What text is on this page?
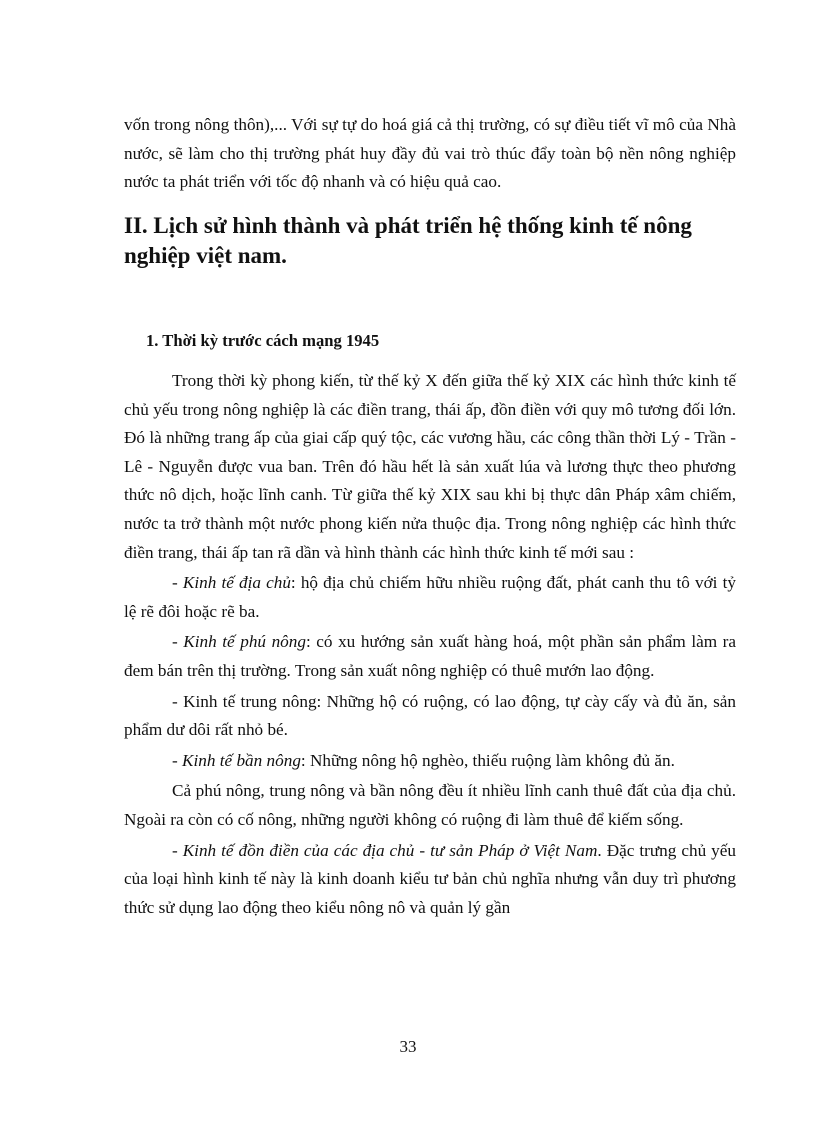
vốn trong nông thôn),... Với sự tự do hoá giá cả thị trường, có sự điều tiết vĩ mô của Nhà nước, sẽ làm cho thị trường phát huy đầy đủ vai trò thúc đẩy toàn bộ nền nông nghiệp nước ta phát triển với tốc độ nhanh và có hiệu quả cao.

II. Lịch sử hình thành và phát triển hệ thống kinh tế nông nghiệp việt nam.
1. Thời kỳ trước cách mạng 1945

Trong thời kỳ phong kiến, từ thế kỷ X đến giữa thế kỷ XIX các hình thức kinh tế chủ yếu trong nông nghiệp là các điền trang, thái ấp, đồn điền với quy mô tương đối lớn. Đó là những trang ấp của giai cấp quý tộc, các vương hầu, các công thần thời Lý - Trần - Lê - Nguyễn được vua ban. Trên đó hầu hết là sản xuất lúa và lương thực theo phương thức nô dịch, hoặc lĩnh canh. Từ giữa thế kỷ XIX sau khi bị thực dân Pháp xâm chiếm, nước ta trở thành một nước phong kiến nửa thuộc địa. Trong nông nghiệp các hình thức điền trang, thái ấp tan rã dần và hình thành các hình thức kinh tế mới sau :

- Kinh tế địa chủ: hộ địa chủ chiếm hữu nhiều ruộng đất, phát canh thu tô với tỷ lệ rẽ đôi hoặc rẽ ba.

- Kinh tế phú nông: có xu hướng sản xuất hàng hoá, một phần sản phẩm làm ra đem bán trên thị trường. Trong sản xuất nông nghiệp có thuê mướn lao động.

- Kinh tế trung nông: Những hộ có ruộng, có lao động, tự cày cấy và đủ ăn, sản phẩm dư dôi rất nhỏ bé.

- Kinh tế bần nông: Những nông hộ nghèo, thiếu ruộng làm không đủ ăn.

Cả phú nông, trung nông và bần nông đều ít nhiều lĩnh canh thuê đất của địa chủ. Ngoài ra còn có cố nông, những người không có ruộng đi làm thuê để kiếm sống.

- Kinh tế đồn điền của các địa chủ - tư sản Pháp ở Việt Nam. Đặc trưng chủ yếu của loại hình kinh tế này là kinh doanh kiểu tư bản chủ nghĩa nhưng vẫn duy trì phương thức sử dụng lao động theo kiểu nông nô và quản lý gần

33
